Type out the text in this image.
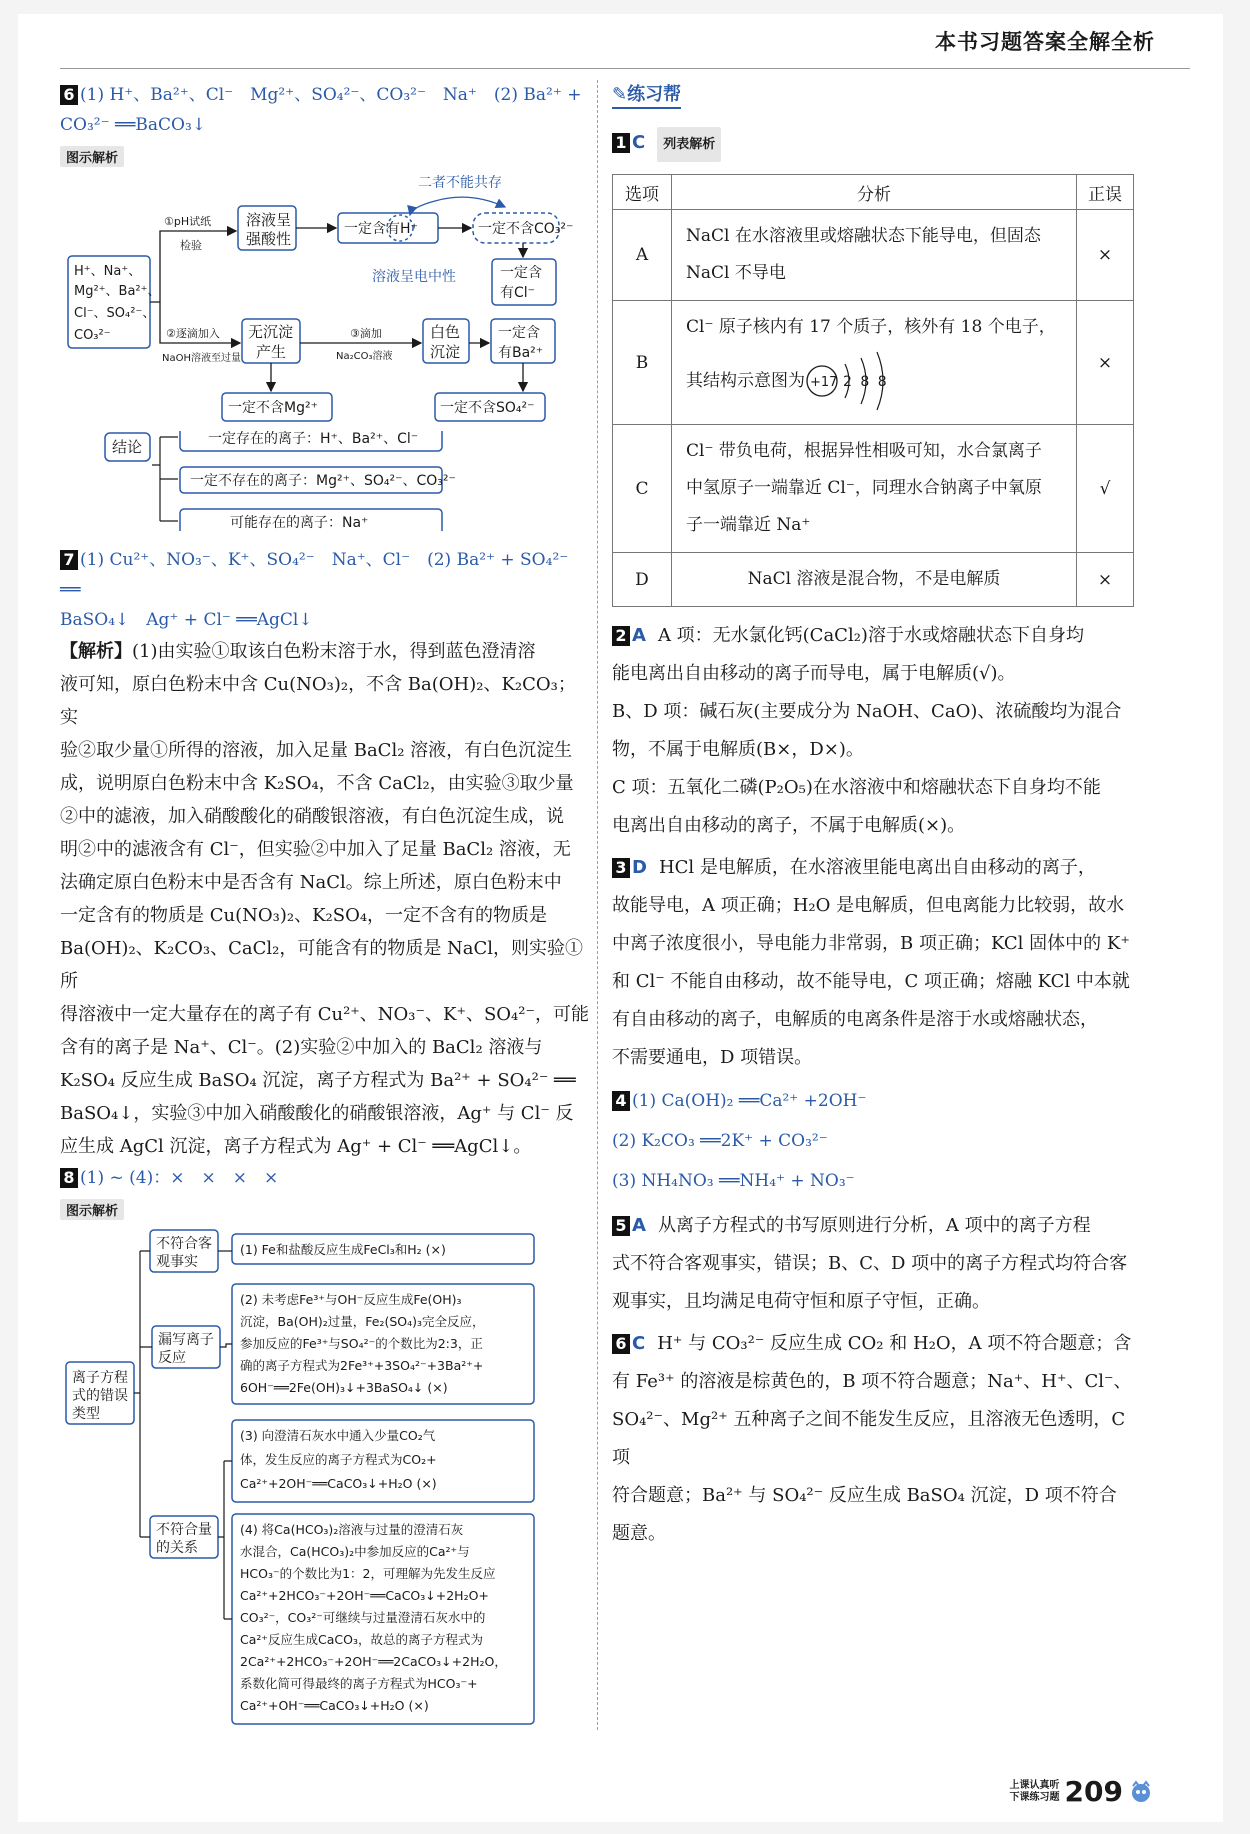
本书习题答案全解全析

6 (1) H⁺、Ba²⁺、Cl⁻　Mg²⁺、SO₄²⁻、CO₃²⁻　Na⁺　(2) Ba²⁺ +

CO₃²⁻ ══BaCO₃↓

图示解析
H⁺、Na⁺、
Mg²⁺、Ba²⁺、
Cl⁻、SO₄²⁻、
CO₃²⁻
①pH试纸
检验
溶液呈
强酸性
一定含有H⁺
二者不能共存
一定不含CO₃²⁻
溶液呈电中性	一定含
有Cl⁻
②逐滴加入
NaOH溶液至过量
无沉淀
产生
③滴加
Na₂CO₃溶液
白色
沉淀
一定含
有Ba²⁺
一定不含Mg²⁺	一定不含SO₄²⁻
结论	一定存在的离子：H⁺、Ba²⁺、Cl⁻
一定不存在的离子：Mg²⁺、SO₄²⁻、CO₃²⁻
可能存在的离子：Na⁺

7 (1) Cu²⁺、NO₃⁻、K⁺、SO₄²⁻　Na⁺、Cl⁻　(2) Ba²⁺ + SO₄²⁻ ══

BaSO₄↓　Ag⁺ + Cl⁻ ══AgCl↓

【解析】(1)由实验①取该白色粉末溶于水，得到蓝色澄清溶

液可知，原白色粉末中含 Cu(NO₃)₂，不含 Ba(OH)₂、K₂CO₃；实

验②取少量①所得的溶液，加入足量 BaCl₂ 溶液，有白色沉淀生

成，说明原白色粉末中含 K₂SO₄，不含 CaCl₂，由实验③取少量

②中的滤液，加入硝酸酸化的硝酸银溶液，有白色沉淀生成，说

明②中的滤液含有 Cl⁻，但实验②中加入了足量 BaCl₂ 溶液，无

法确定原白色粉末中是否含有 NaCl。综上所述，原白色粉末中

一定含有的物质是 Cu(NO₃)₂、K₂SO₄，一定不含有的物质是

Ba(OH)₂、K₂CO₃、CaCl₂，可能含有的物质是 NaCl，则实验①所

得溶液中一定大量存在的离子有 Cu²⁺、NO₃⁻、K⁺、SO₄²⁻，可能

含有的离子是 Na⁺、Cl⁻。(2)实验②中加入的 BaCl₂ 溶液与

K₂SO₄ 反应生成 BaSO₄ 沉淀，离子方程式为 Ba²⁺ + SO₄²⁻ ══

BaSO₄↓，实验③中加入硝酸酸化的硝酸银溶液，Ag⁺ 与 Cl⁻ 反

应生成 AgCl 沉淀，离子方程式为 Ag⁺ + Cl⁻ ══AgCl↓。

8 (1) ~ (4)：×　×　×　×

图示解析
离子方程
式的错误
类型
不符合客
观事实
漏写离子
反应
不符合量
的关系
(1) Fe和盐酸反应生成FeCl₃和H₂ (×)
(2) 未考虑Fe³⁺与OH⁻反应生成Fe(OH)₃
沉淀，Ba(OH)₂过量，Fe₂(SO₄)₃完全反应，
参加反应的Fe³⁺与SO₄²⁻的个数比为2:3，正
确的离子方程式为2Fe³⁺+3SO₄²⁻+3Ba²⁺+
6OH⁻══2Fe(OH)₃↓+3BaSO₄↓ (×)
(3) 向澄清石灰水中通入少量CO₂气
体，发生反应的离子方程式为CO₂+
Ca²⁺+2OH⁻══CaCO₃↓+H₂O (×)
(4) 将Ca(HCO₃)₂溶液与过量的澄清石灰
水混合，Ca(HCO₃)₂中参加反应的Ca²⁺与
HCO₃⁻的个数比为1：2，可理解为先发生反应
Ca²⁺+2HCO₃⁻+2OH⁻══CaCO₃↓+2H₂O+
CO₃²⁻，CO₃²⁻可继续与过量澄清石灰水中的
Ca²⁺反应生成CaCO₃，故总的离子方程式为
2Ca²⁺+2HCO₃⁻+2OH⁻══2CaCO₃↓+2H₂O，
系数化简可得最终的离子方程式为HCO₃⁻+
Ca²⁺+OH⁻══CaCO₃↓+H₂O (×)
✎练习帮

1 C 列表解析

选项	分析	正误
A	NaCl 在水溶液里或熔融状态下能导电，但固态
NaCl 不导电	×
B	Cl⁻ 原子核内有 17 个质子，核外有 18 个电子，
其结构示意图为 +17 2 8 8	×
C	Cl⁻ 带负电荷，根据异性相吸可知，水合氯离子
中氢原子一端靠近 Cl⁻，同理水合钠离子中氧原
子一端靠近 Na⁺	√
D	NaCl 溶液是混合物，不是电解质	×

2 A A 项：无水氯化钙(CaCl₂)溶于水或熔融状态下自身均

能电离出自由移动的离子而导电，属于电解质(√)。

B、D 项：碱石灰(主要成分为 NaOH、CaO)、浓硫酸均为混合

物，不属于电解质(B×，D×)。

C 项：五氧化二磷(P₂O₅)在水溶液中和熔融状态下自身均不能

电离出自由移动的离子，不属于电解质(×)。

3 D HCl 是电解质，在水溶液里能电离出自由移动的离子，

故能导电，A 项正确；H₂O 是电解质，但电离能力比较弱，故水

中离子浓度很小，导电能力非常弱，B 项正确；KCl 固体中的 K⁺

和 Cl⁻ 不能自由移动，故不能导电，C 项正确；熔融 KCl 中本就

有自由移动的离子，电解质的电离条件是溶于水或熔融状态，

不需要通电，D 项错误。

4 (1) Ca(OH)₂ ══Ca²⁺ +2OH⁻

(2) K₂CO₃ ══2K⁺ + CO₃²⁻

(3) NH₄NO₃ ══NH₄⁺ + NO₃⁻

5 A 从离子方程式的书写原则进行分析，A 项中的离子方程

式不符合客观事实，错误；B、C、D 项中的离子方程式均符合客

观事实，且均满足电荷守恒和原子守恒，正确。

6 C H⁺ 与 CO₃²⁻ 反应生成 CO₂ 和 H₂O，A 项不符合题意；含

有 Fe³⁺ 的溶液是棕黄色的，B 项不符合题意；Na⁺、H⁺、Cl⁻、

SO₄²⁻、Mg²⁺ 五种离子之间不能发生反应，且溶液无色透明，C 项

符合题意；Ba²⁺ 与 SO₄²⁻ 反应生成 BaSO₄ 沉淀，D 项不符合

题意。

上课认真听
下课练习题 209
